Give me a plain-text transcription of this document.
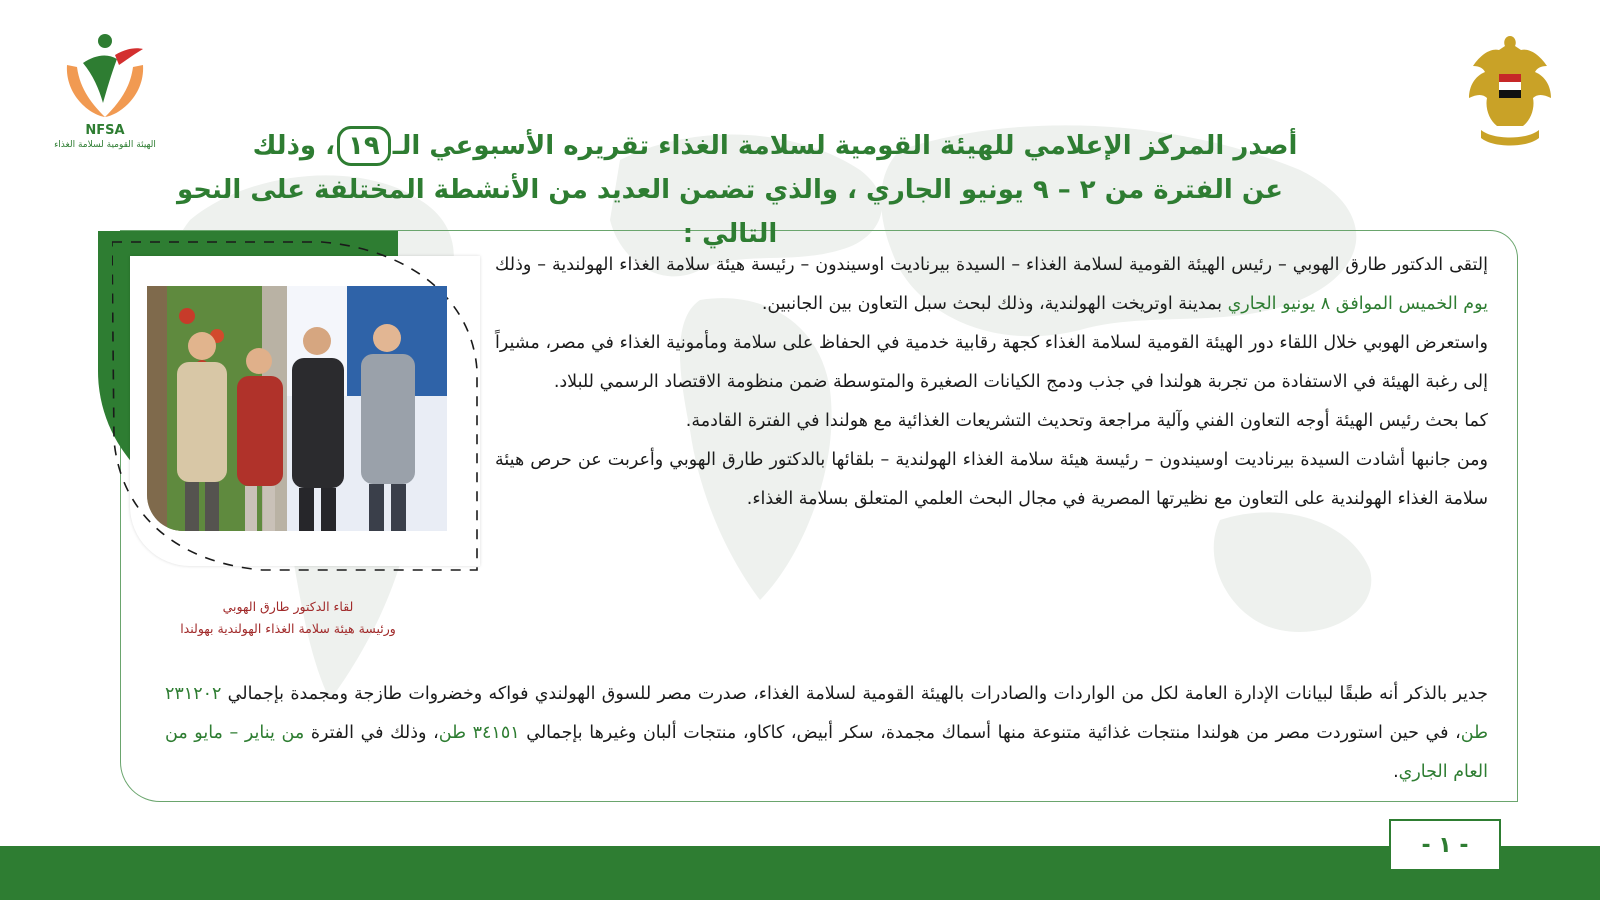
NFSA
الهيئة القومية لسلامة الغذاء	أصدر المركز الإعلامي للهيئة القومية لسلامة الغذاء تقريره الأسبوعي الـ١٩، وذلك
عن الفترة من ٢ – ٩ يونيو الجاري ، والذي تضمن العديد من الأنشطة المختلفة على النحو التالي :
لقاء الدكتور طارق الهوبي
ورئيسة هيئة سلامة الغذاء الهولندية بهولندا

إلتقى الدكتور طارق الهوبي – رئيس الهيئة القومية لسلامة الغذاء – السيدة بيرناديت اوسيندون – رئيسة هيئة سلامة الغذاء الهولندية – وذلك يوم الخميس الموافق ٨ يونيو الجاري بمدينة اوتريخت الهولندية، وذلك لبحث سبل التعاون بين الجانبين.

واستعرض الهوبي خلال اللقاء دور الهيئة القومية لسلامة الغذاء كجهة رقابية خدمية في الحفاظ على سلامة ومأمونية الغذاء في مصر، مشيراً إلى رغبة الهيئة في الاستفادة من تجربة هولندا في جذب ودمج الكيانات الصغيرة والمتوسطة ضمن منظومة الاقتصاد الرسمي للبلاد.

كما بحث رئيس الهيئة أوجه التعاون الفني وآلية مراجعة وتحديث التشريعات الغذائية مع هولندا في الفترة القادمة.

ومن جانبها أشادت السيدة بيرناديت اوسيندون – رئيسة هيئة سلامة الغذاء الهولندية – بلقائها بالدكتور طارق الهوبي وأعربت عن حرص هيئة سلامة الغذاء الهولندية على التعاون مع نظيرتها المصرية في مجال البحث العلمي المتعلق بسلامة الغذاء.

جدير بالذكر أنه طبقًا لبيانات الإدارة العامة لكل من الواردات والصادرات بالهيئة القومية لسلامة الغذاء، صدرت مصر للسوق الهولندي فواكه وخضروات طازجة ومجمدة بإجمالي ٢٣١٢٠٢ طن، في حين استوردت مصر من هولندا منتجات غذائية متنوعة منها أسماك مجمدة، سكر أبيض، كاكاو، منتجات ألبان وغيرها بإجمالي ٣٤١٥١ طن، وذلك في الفترة من يناير – مايو من العام الجاري.

- ١ -
